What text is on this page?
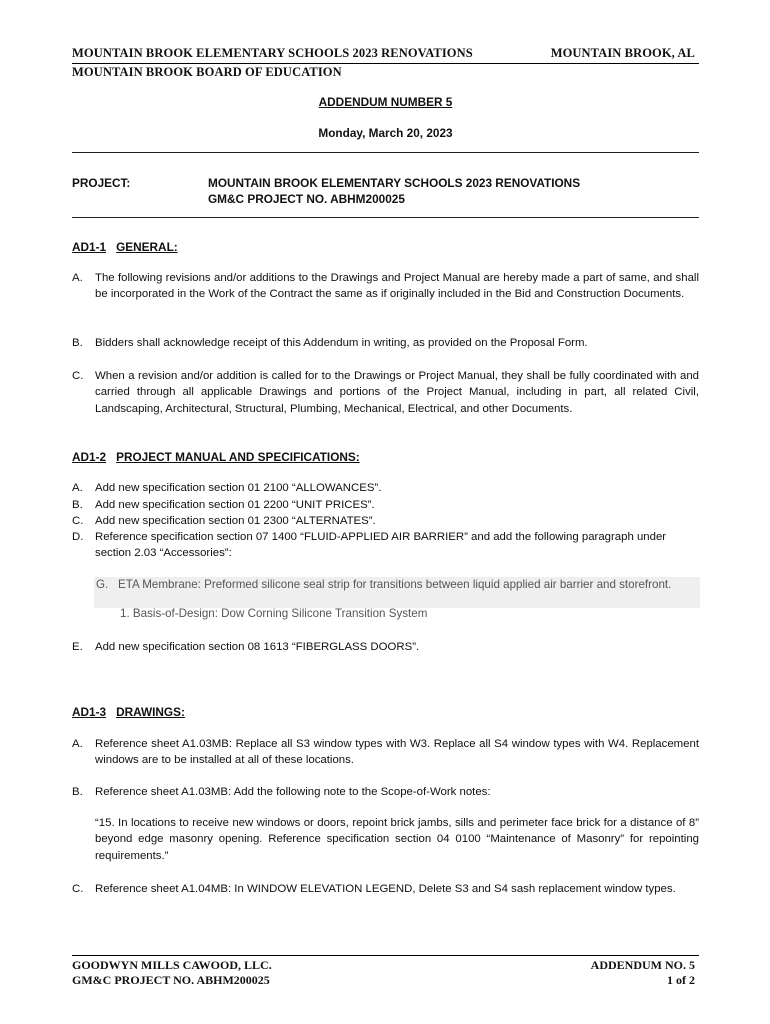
MOUNTAIN BROOK ELEMENTARY SCHOOLS 2023 RENOVATIONS	MOUNTAIN BROOK, AL
MOUNTAIN BROOK BOARD OF EDUCATION
ADDENDUM NUMBER 5
Monday, March 20, 2023
PROJECT:	MOUNTAIN BROOK ELEMENTARY SCHOOLS 2023 RENOVATIONS
GM&C PROJECT NO. ABHM200025
AD1-1 GENERAL:
A. The following revisions and/or additions to the Drawings and Project Manual are hereby made a part of same, and shall be incorporated in the Work of the Contract the same as if originally included in the Bid and Construction Documents.
B. Bidders shall acknowledge receipt of this Addendum in writing, as provided on the Proposal Form.
C. When a revision and/or addition is called for to the Drawings or Project Manual, they shall be fully coordinated with and carried through all applicable Drawings and portions of the Project Manual, including in part, all related Civil, Landscaping, Architectural, Structural, Plumbing, Mechanical, Electrical, and other Documents.
AD1-2 PROJECT MANUAL AND SPECIFICATIONS:
A. Add new specification section 01 2100 “ALLOWANCES”.
B. Add new specification section 01 2200 “UNIT PRICES”.
C. Add new specification section 01 2300 “ALTERNATES”.
D. Reference specification section 07 1400 “FLUID-APPLIED AIR BARRIER” and add the following paragraph under section 2.03 “Accessories”:
G. ETA Membrane: Preformed silicone seal strip for transitions between liquid applied air barrier and storefront.
1. Basis-of-Design: Dow Corning Silicone Transition System
E. Add new specification section 08 1613 “FIBERGLASS DOORS”.
AD1-3 DRAWINGS:
A. Reference sheet A1.03MB: Replace all S3 window types with W3. Replace all S4 window types with W4. Replacement windows are to be installed at all of these locations.
B. Reference sheet A1.03MB: Add the following note to the Scope-of-Work notes:
“15. In locations to receive new windows or doors, repoint brick jambs, sills and perimeter face brick for a distance of 8” beyond edge masonry opening. Reference specification section 04 0100 “Maintenance of Masonry” for repointing requirements.”
C. Reference sheet A1.04MB: In WINDOW ELEVATION LEGEND, Delete S3 and S4 sash replacement window types.
GOODWYN MILLS CAWOOD, LLC.	ADDENDUM NO. 5
GM&C PROJECT NO. ABHM200025	1 of 2
